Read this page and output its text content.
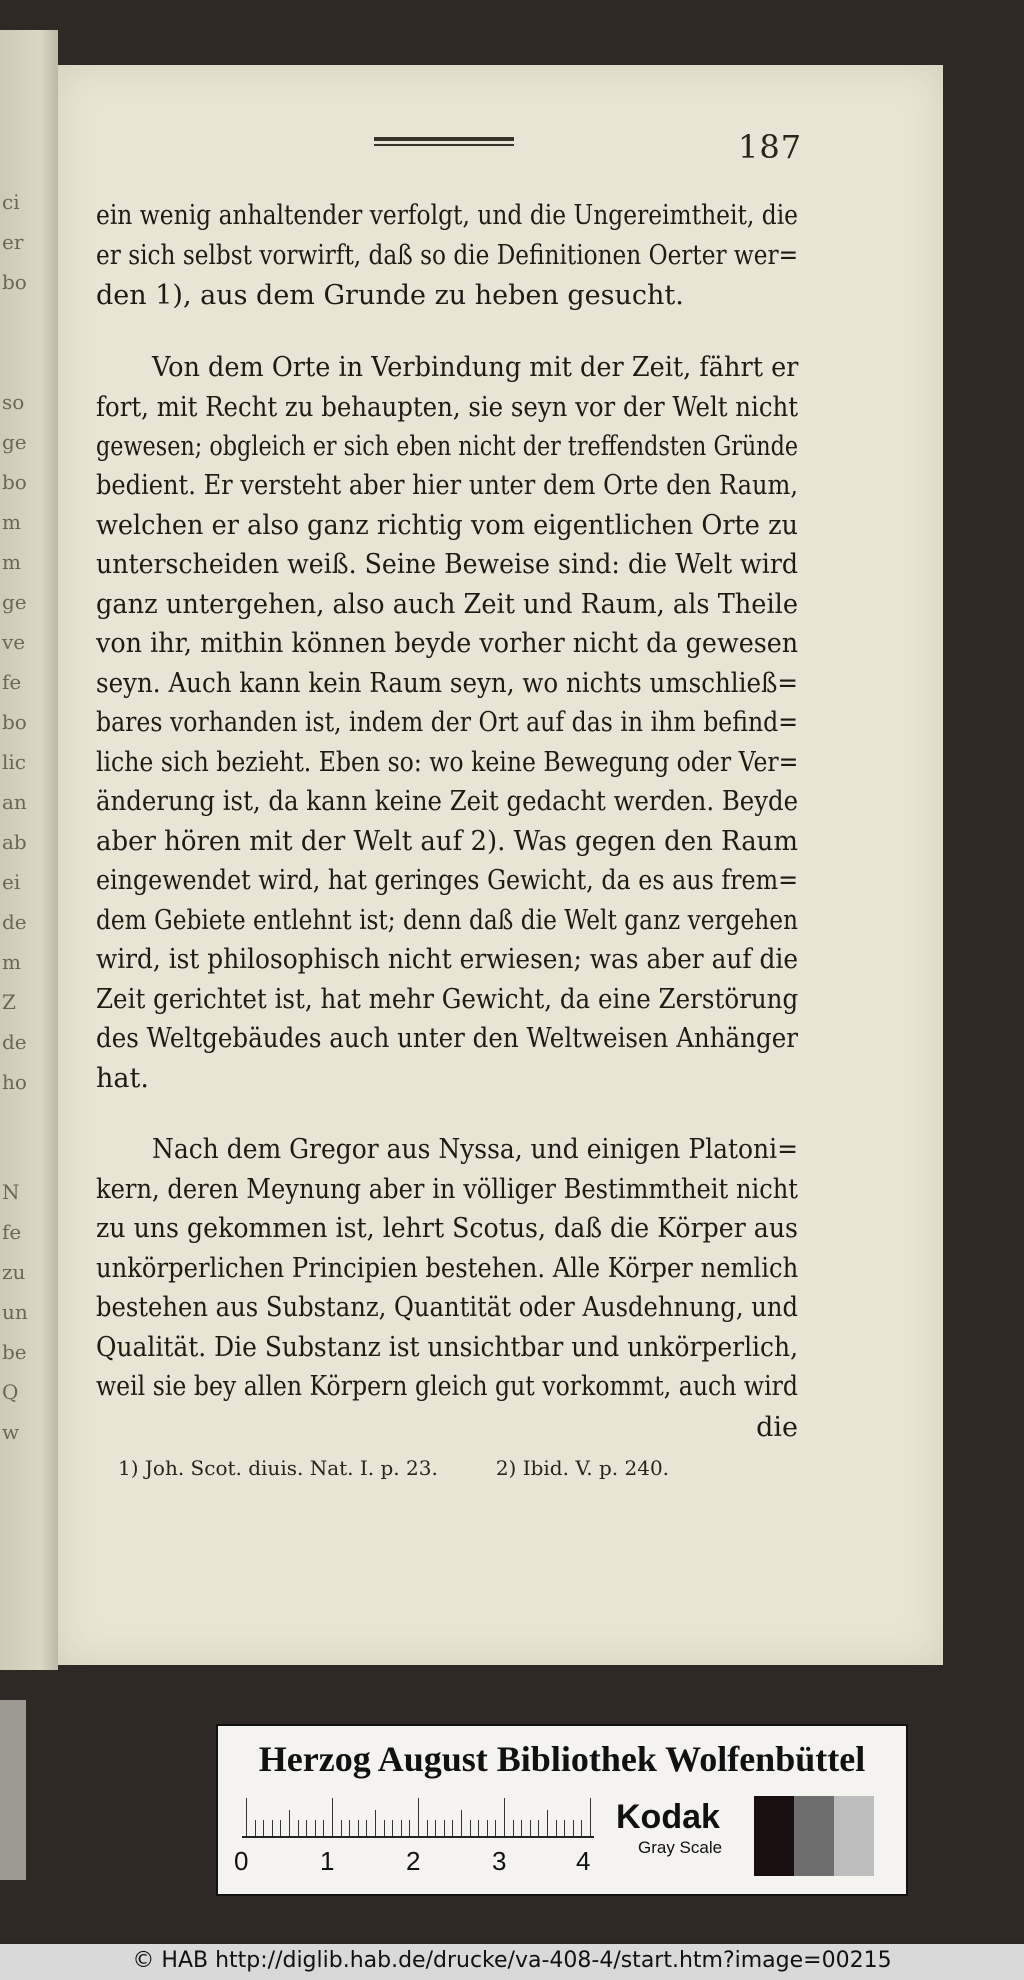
ci
er
bo
so
ge
bo
m
m
ge
ve
fe
bo
lic
an
ab
ei
de
m
Z
de
ho
N
fe
zu
un
be
Q
w
187
ein wenig anhaltender verfolgt, und die Ungereimtheit, die
er sich selbst vorwirft, daß so die Definitionen Oerter wer=
den 1), aus dem Grunde zu heben gesucht.
Von dem Orte in Verbindung mit der Zeit, fährt er
fort, mit Recht zu behaupten, sie seyn vor der Welt nicht
gewesen; obgleich er sich eben nicht der treffendsten Gründe
bedient. Er versteht aber hier unter dem Orte den Raum,
welchen er also ganz richtig vom eigentlichen Orte zu
unterscheiden weiß. Seine Beweise sind: die Welt wird
ganz untergehen, also auch Zeit und Raum, als Theile
von ihr, mithin können beyde vorher nicht da gewesen
seyn. Auch kann kein Raum seyn, wo nichts umschließ=
bares vorhanden ist, indem der Ort auf das in ihm befind=
liche sich bezieht. Eben so: wo keine Bewegung oder Ver=
änderung ist, da kann keine Zeit gedacht werden. Beyde
aber hören mit der Welt auf 2). Was gegen den Raum
eingewendet wird, hat geringes Gewicht, da es aus frem=
dem Gebiete entlehnt ist; denn daß die Welt ganz vergehen
wird, ist philosophisch nicht erwiesen; was aber auf die
Zeit gerichtet ist, hat mehr Gewicht, da eine Zerstörung
des Weltgebäudes auch unter den Weltweisen Anhänger
hat.
Nach dem Gregor aus Nyssa, und einigen Platoni=
kern, deren Meynung aber in völliger Bestimmtheit nicht
zu uns gekommen ist, lehrt Scotus, daß die Körper aus
unkörperlichen Principien bestehen. Alle Körper nemlich
bestehen aus Substanz, Quantität oder Ausdehnung, und
Qualität. Die Substanz ist unsichtbar und unkörperlich,
weil sie bey allen Körpern gleich gut vorkommt, auch wird
die
1) Joh. Scot. diuis. Nat. I. p. 23.	2) Ibid. V. p. 240.
Herzog August Bibliothek Wolfenbüttel
0	1	2	3	4
Kodak
Gray Scale
© HAB http://diglib.hab.de/drucke/va-408-4/start.htm?image=00215
